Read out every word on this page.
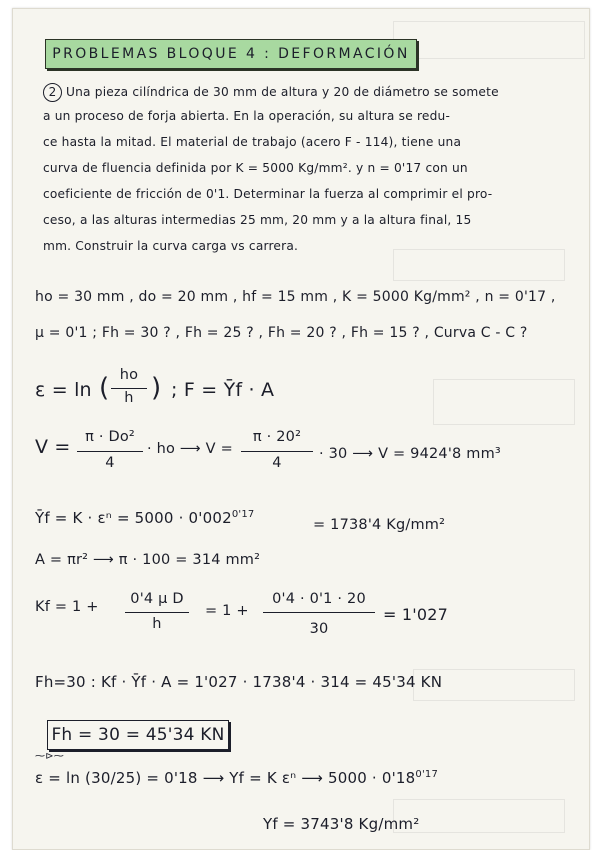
PROBLEMAS BLOQUE 4 : DEFORMACIÓN
2 Una pieza cilíndrica de 30 mm de altura y 20 de diámetro se somete
a un proceso de forja abierta. En la operación, su altura se redu-
ce hasta la mitad. El material de trabajo (acero F - 114), tiene una
curva de fluencia definida por K = 5000 Kg/mm². y n = 0'17 con un
coeficiente de fricción de 0'1. Determinar la fuerza al comprimir el pro-
ceso, a las alturas intermedias 25 mm, 20 mm y a la altura final, 15
mm. Construir la curva carga vs carrera.
ho = 30 mm , do = 20 mm , hf = 15 mm , K = 5000 Kg/mm² , n = 0'17 ,
μ = 0'1 ; Fh = 30 ? , Fh = 25 ? , Fh = 20 ? , Fh = 15 ? , Curva C - C ?
ε = ln ( ho
h ) ; F = Ȳf · A
V =	π · Do²
4
· ho ⟶ V =
π · 20²
4
· 30 ⟶ V = 9424'8 mm³
Ȳf = $K \cdot \varepsilon^n = 5000 \cdot 0'002^{0'17}$
= 1738'4 Kg/mm²
A = πr² ⟶ π · 100 = 314 mm²
Kf = 1 +	0'4 μ D
h
= 1 +
0'4 · 0'1 · 20
30
= 1'027
Fh=30 : Kf · Ȳf · A = 1'027 · 1738'4 · 314 = 45'34 KN
Fh = 30 = 45'34 KN
⁓⊳⁓
ε = ln (30/25) = 0'18 ⟶ Yf = K εⁿ ⟶ $5000 \cdot 0'18^{0'17}$
Yf = 3743'8 Kg/mm²
